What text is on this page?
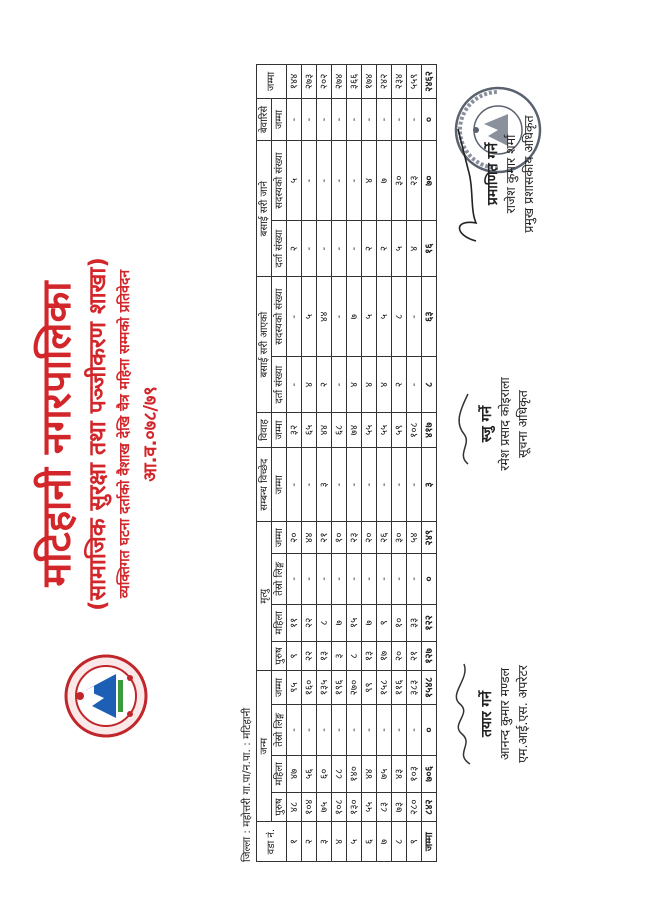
मटिहानी नगरपालिका (सामाजिक सुरक्षा तथा पञ्जीकरण शाखा) व्यक्तिगत घटना दर्ताको वैशाख देखि चैत्र महिना सम्मको प्रतिवेदन आ.व.०७८/७९
जिल्ला : महोत्तरी गा.पा/न.पा. : मटिहानी वडा नं.	जन्म				मृत्यु				सम्बन्ध विच्छेद	विवाह	बसाई सरी आएको		बसाई सरी जाने		बेवारिसे	जम्मा
	पुरुष	महिला	तेस्रो लिङ्ग	जम्मा	पुरुष	महिला	तेस्रो लिङ्ग	जम्मा	जम्मा	जम्मा	दर्ता संख्या	सदस्यको संख्या	दर्ता संख्या	सदस्यको संख्या	जम्मा	
१	४८	४७	-	९५	९	११	-	२०	-	३२	-	-	२	५	-	१४४
२	१०४	५६	-	१६०	२२	२२	-	४४	-	६५	४	५	-	-	-	२७३
३	७५	६०	-	१३५	१३	८	-	२१	३	४४	२	४४	-	-	-	२०२
४	१०८	८८	-	१९६	३	७	-	१०	-	६८	-	-	-	-	-	२७४
५	१३०	१४०	-	२७०	८	१५	-	२३	-	७४	४	७	-	-	-	३६६
६	५५	४४	-	९९	१३	७	-	२०	-	५५	४	५	२	४	-	१७४
७	८३	७५	-	१५८	१७	९	-	२६	-	५५	४	५	२	७	-	२४२
८	७३	४३	-	११६	२०	१०	-	३०	-	५९	२	८	५	३०	-	२३४
९	२८०	१०३	-	३८३	२१	३३	-	५४	-	१०८	-	-	४	२३	-	५५९
जम्मा	८४२	७०६	०	१५४८	१२७	१२२	०	२४९	३	४१७	८	६३	१६	७०	०	२४६२
तयार गर्ने आनन्द कुमार मण्डल एम.आई.एस. अपरेटर
स्जु गर्ने रमेश प्रसाद कोइराला सूचना अधिकृत
प्रमाणित गर्ने राजेश कुमार शर्मा प्रमुख प्रशासकीय अधिकृत
